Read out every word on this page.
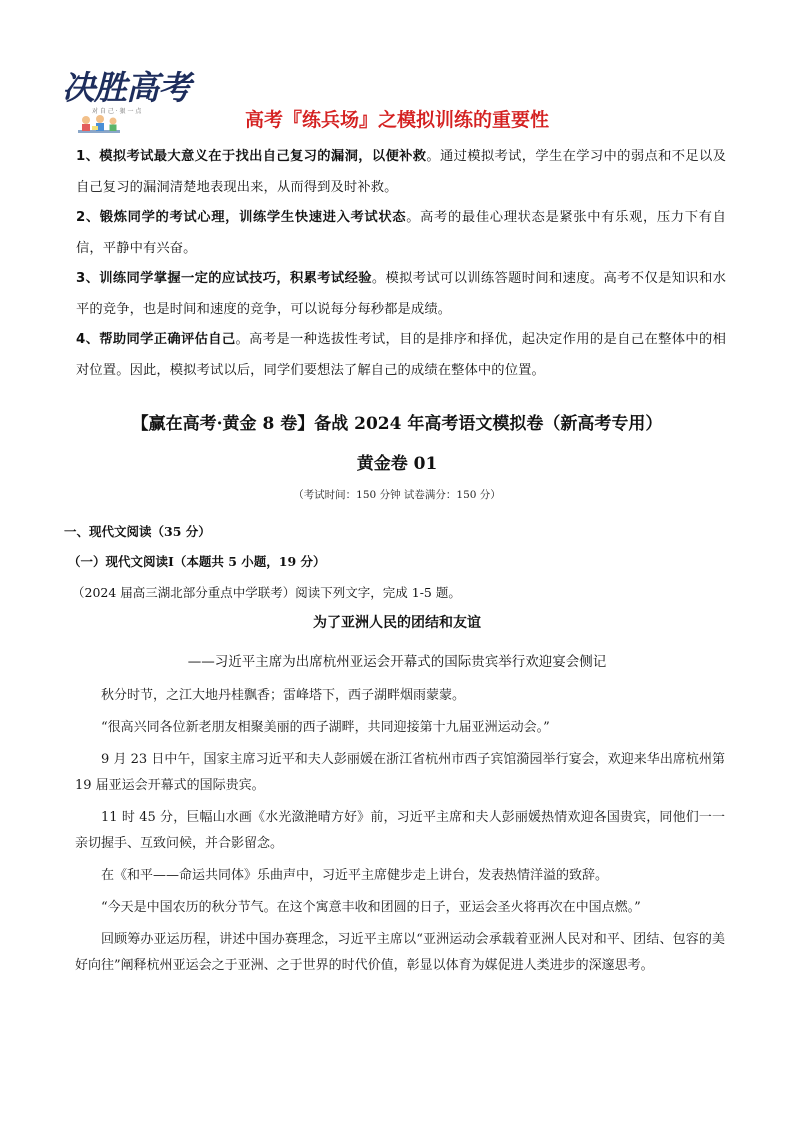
决胜高考
对 自 己 · 狠 一 点	高考『练兵场』之模拟训练的重要性

1、模拟考试最大意义在于找出自己复习的漏洞，以便补救。通过模拟考试，学生在学习中的弱点和不足以及自己复习的漏洞清楚地表现出来，从而得到及时补救。

2、锻炼同学的考试心理，训练学生快速进入考试状态。高考的最佳心理状态是紧张中有乐观，压力下有自信，平静中有兴奋。

3、训练同学掌握一定的应试技巧，积累考试经验。模拟考试可以训练答题时间和速度。高考不仅是知识和水平的竞争，也是时间和速度的竞争，可以说每分每秒都是成绩。

4、帮助同学正确评估自己。高考是一种选拔性考试，目的是排序和择优，起决定作用的是自己在整体中的相对位置。因此，模拟考试以后，同学们要想法了解自己的成绩在整体中的位置。

【赢在高考·黄金 8 卷】备战 2024 年高考语文模拟卷（新高考专用）
黄金卷 01
（考试时间：150 分钟 试卷满分：150 分）
一、现代文阅读（35 分）
（一）现代文阅读Ⅰ（本题共 5 小题，19 分）
（2024 届高三湖北部分重点中学联考）阅读下列文字，完成 1-5 题。
为了亚洲人民的团结和友谊
——习近平主席为出席杭州亚运会开幕式的国际贵宾举行欢迎宴会侧记

秋分时节，之江大地丹桂飘香；雷峰塔下，西子湖畔烟雨蒙蒙。

“很高兴同各位新老朋友相聚美丽的西子湖畔，共同迎接第十九届亚洲运动会。”

9 月 23 日中午，国家主席习近平和夫人彭丽媛在浙江省杭州市西子宾馆漪园举行宴会，欢迎来华出席杭州第 19 届亚运会开幕式的国际贵宾。

11 时 45 分，巨幅山水画《水光潋滟晴方好》前，习近平主席和夫人彭丽媛热情欢迎各国贵宾，同他们一一亲切握手、互致问候，并合影留念。

在《和平——命运共同体》乐曲声中，习近平主席健步走上讲台，发表热情洋溢的致辞。

“今天是中国农历的秋分节气。在这个寓意丰收和团圆的日子，亚运会圣火将再次在中国点燃。”

回顾筹办亚运历程，讲述中国办赛理念，习近平主席以“亚洲运动会承载着亚洲人民对和平、团结、包容的美好向往”阐释杭州亚运会之于亚洲、之于世界的时代价值，彰显以体育为媒促进人类进步的深邃思考。
